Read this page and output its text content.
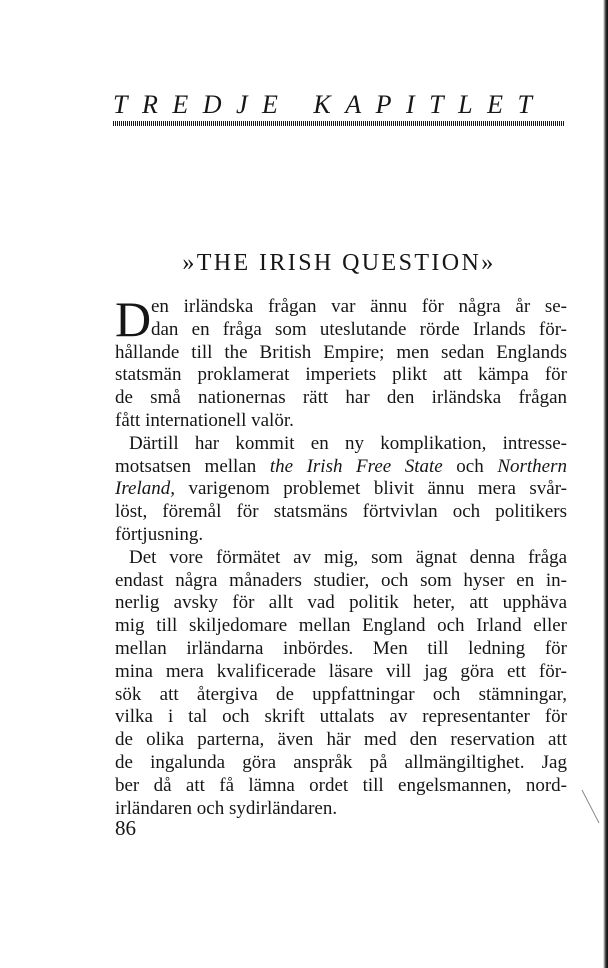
TREDJE KAPITLET
»THE IRISH QUESTION»
D en irländska frågan var ännu för några år se-
dan en fråga som uteslutande rörde Irlands för-
hållande till the British Empire; men sedan Englands
statsmän proklamerat imperiets plikt att kämpa för
de små nationernas rätt har den irländska frågan
fått internationell valör.
Därtill har kommit en ny komplikation, intresse-
motsatsen mellan the Irish Free State och Northern
Ireland, varigenom problemet blivit ännu mera svår-
löst, föremål för statsmäns förtvivlan och politikers
förtjusning.
Det vore förmätet av mig, som ägnat denna fråga
endast några månaders studier, och som hyser en in-
nerlig avsky för allt vad politik heter, att upphäva
mig till skiljedomare mellan England och Irland eller
mellan irländarna inbördes. Men till ledning för
mina mera kvalificerade läsare vill jag göra ett för-
sök att återgiva de uppfattningar och stämningar,
vilka i tal och skrift uttalats av representanter för
de olika parterna, även här med den reservation att
de ingalunda göra anspråk på allmängiltighet. Jag
ber då att få lämna ordet till engelsmannen, nord-
irländaren och sydirländaren.
86
